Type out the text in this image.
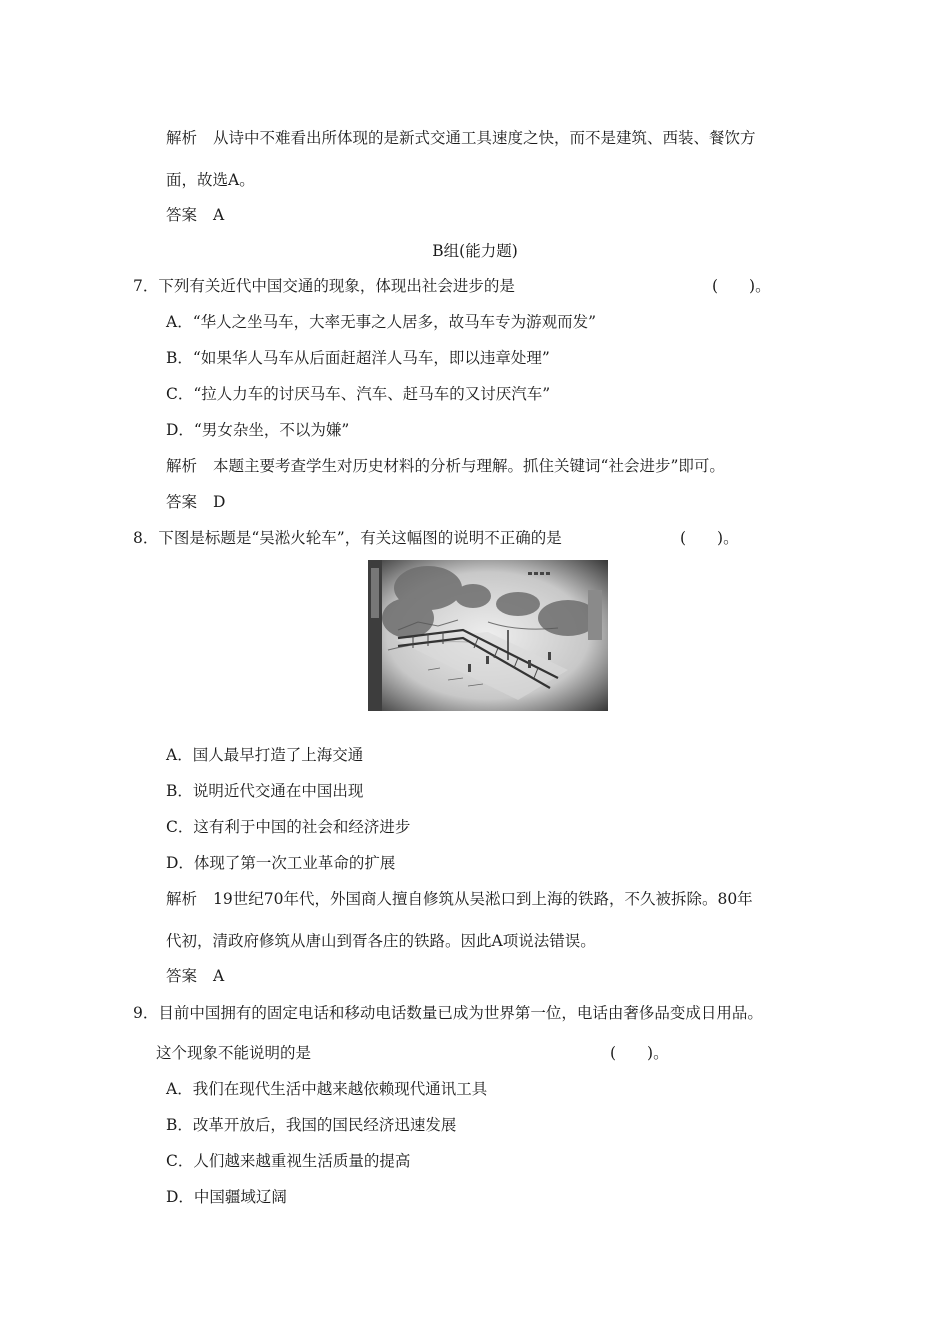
解析 从诗中不难看出所体现的是新式交通工具速度之快，而不是建筑、西装、餐饮方
面，故选A。
答案 A
B组(能力题)
7．下列有关近代中国交通的现象，体现出社会进步的是	(　　)。
A．“华人之坐马车，大率无事之人居多，故马车专为游观而发”
B．“如果华人马车从后面赶超洋人马车，即以违章处理”
C．“拉人力车的讨厌马车、汽车、赶马车的又讨厌汽车”
D．“男女杂坐，不以为嫌”
解析 本题主要考查学生对历史材料的分析与理解。抓住关键词“社会进步”即可。
答案 D
8．下图是标题是“吴淞火轮车”，有关这幅图的说明不正确的是	(　　)。
A．国人最早打造了上海交通
B．说明近代交通在中国出现
C．这有利于中国的社会和经济进步
D．体现了第一次工业革命的扩展
解析 19世纪70年代，外国商人擅自修筑从吴淞口到上海的铁路，不久被拆除。80年
代初，清政府修筑从唐山到胥各庄的铁路。因此A项说法错误。
答案 A
9．目前中国拥有的固定电话和移动电话数量已成为世界第一位，电话由奢侈品变成日用品。
这个现象不能说明的是	(　　)。
A．我们在现代生活中越来越依赖现代通讯工具
B．改革开放后，我国的国民经济迅速发展
C．人们越来越重视生活质量的提高
D．中国疆域辽阔
